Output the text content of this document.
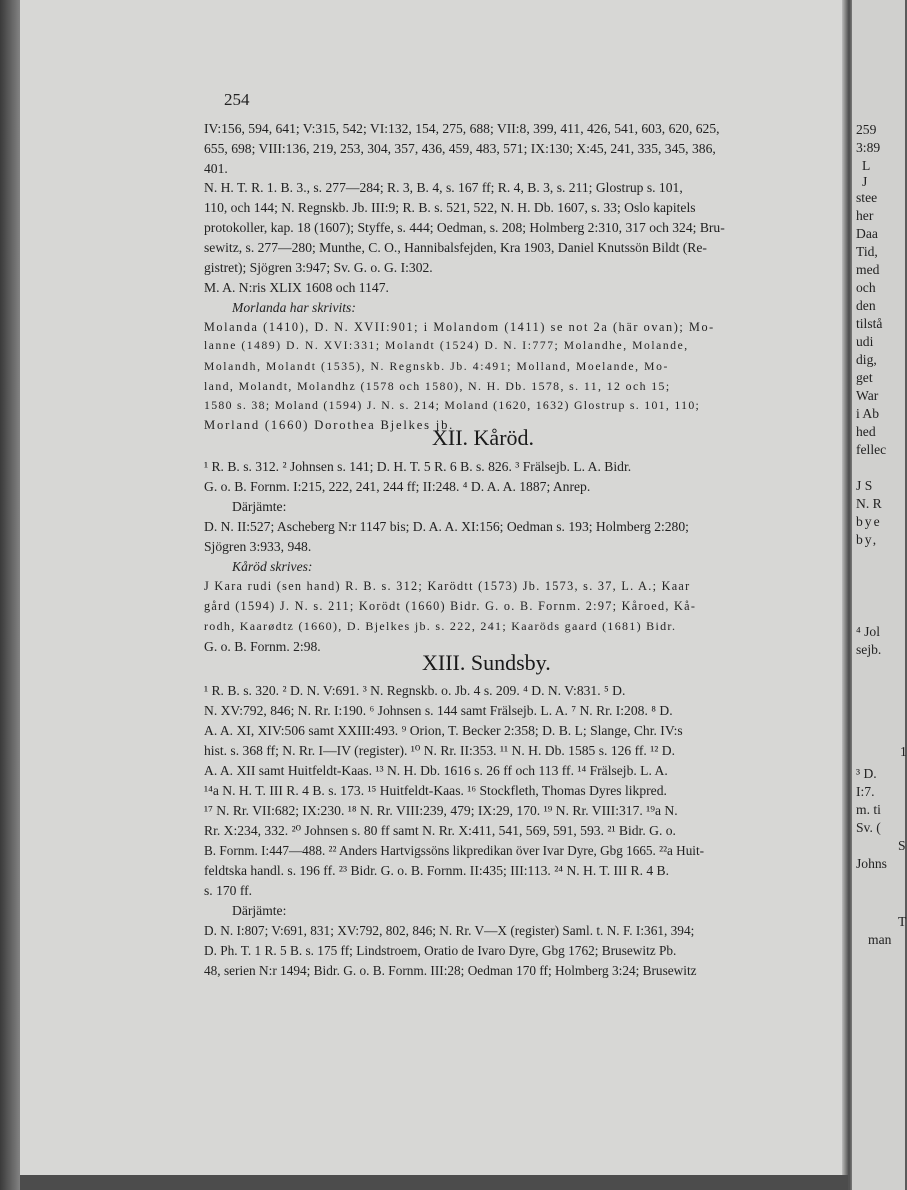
254
IV:156, 594, 641; V:315, 542; VI:132, 154, 275, 688; VII:8, 399, 411, 426, 541, 603, 620, 625,
655, 698; VIII:136, 219, 253, 304, 357, 436, 459, 483, 571; IX:130; X:45, 241, 335, 345, 386,
401.
N. H. T. R. 1. B. 3., s. 277—284; R. 3, B. 4, s. 167 ff; R. 4, B. 3, s. 211; Glostrup s. 101,
110, och 144; N. Regnskb. Jb. III:9; R. B. s. 521, 522, N. H. Db. 1607, s. 33; Oslo kapitels
protokoller, kap. 18 (1607); Styffe, s. 444; Oedman, s. 208; Holmberg 2:310, 317 och 324; Bru-
sewitz, s. 277—280; Munthe, C. O., Hannibalsfejden, Kra 1903, Daniel Knutssön Bildt (Re-
gistret); Sjögren 3:947; Sv. G. o. G. I:302.
M. A. N:ris XLIX 1608 och 1147.
Morlanda har skrivits:
Molanda (1410), D. N. XVII:901; i Molandom (1411) se not 2a (här ovan); Mo-
lanne (1489) D. N. XVI:331; Molandt (1524) D. N. I:777; Molandhe, Molande,
Molandh, Molandt (1535), N. Regnskb. Jb. 4:491; Molland, Moelande, Mo-
land, Molandt, Molandhz (1578 och 1580), N. H. Db. 1578, s. 11, 12 och 15;
1580 s. 38; Moland (1594) J. N. s. 214; Moland (1620, 1632) Glostrup s. 101, 110;
Morland (1660) Dorothea Bjelkes jb.
XII. Kåröd.
¹ R. B. s. 312. ² Johnsen s. 141; D. H. T. 5 R. 6 B. s. 826. ³ Frälsejb. L. A. Bidr.
G. o. B. Fornm. I:215, 222, 241, 244 ff; II:248. ⁴ D. A. A. 1887; Anrep.
Därjämte:
D. N. II:527; Ascheberg N:r 1147 bis; D. A. A. XI:156; Oedman s. 193; Holmberg 2:280;
Sjögren 3:933, 948.
Kåröd skrives:
J Kara rudi (sen hand) R. B. s. 312; Karödtt (1573) Jb. 1573, s. 37, L. A.; Kaar
gård (1594) J. N. s. 211; Korödt (1660) Bidr. G. o. B. Fornm. 2:97; Kåroed, Kå-
rodh, Kaarødtz (1660), D. Bjelkes jb. s. 222, 241; Kaaröds gaard (1681) Bidr.
G. o. B. Fornm. 2:98.
XIII. Sundsby.
¹ R. B. s. 320. ² D. N. V:691. ³ N. Regnskb. o. Jb. 4 s. 209. ⁴ D. N. V:831. ⁵ D.
N. XV:792, 846; N. Rr. I:190. ⁶ Johnsen s. 144 samt Frälsejb. L. A. ⁷ N. Rr. I:208. ⁸ D.
A. A. XI, XIV:506 samt XXIII:493. ⁹ Orion, T. Becker 2:358; D. B. L; Slange, Chr. IV:s
hist. s. 368 ff; N. Rr. I—IV (register). ¹⁰ N. Rr. II:353. ¹¹ N. H. Db. 1585 s. 126 ff. ¹² D.
A. A. XII samt Huitfeldt-Kaas. ¹³ N. H. Db. 1616 s. 26 ff och 113 ff. ¹⁴ Frälsejb. L. A.
¹⁴a N. H. T. III R. 4 B. s. 173. ¹⁵ Huitfeldt-Kaas. ¹⁶ Stockfleth, Thomas Dyres likpred.
¹⁷ N. Rr. VII:682; IX:230. ¹⁸ N. Rr. VIII:239, 479; IX:29, 170. ¹⁹ N. Rr. VIII:317. ¹⁹a N.
Rr. X:234, 332. ²⁰ Johnsen s. 80 ff samt N. Rr. X:411, 541, 569, 591, 593. ²¹ Bidr. G. o.
B. Fornm. I:447—488. ²² Anders Hartvigssöns likpredikan över Ivar Dyre, Gbg 1665. ²²a Huit-
feldtska handl. s. 196 ff. ²³ Bidr. G. o. B. Fornm. II:435; III:113. ²⁴ N. H. T. III R. 4 B.
s. 170 ff.
Därjämte:
D. N. I:807; V:691, 831; XV:792, 802, 846; N. Rr. V—X (register) Saml. t. N. F. I:361, 394;
D. Ph. T. 1 R. 5 B. s. 175 ff; Lindstroem, Oratio de Ivaro Dyre, Gbg 1762; Brusewitz Pb.
48, serien N:r 1494; Bidr. G. o. B. Fornm. III:28; Oedman 170 ff; Holmberg 3:24; Brusewitz
259
3:89
L
J
stee
her
Daa
Tid,
med
och
den
tilstå
udi
dig,
get
War
i Ab
hed
fellec
J S
N. R
bye
by,
⁴ Jol
sejb.
1
³ D.
I:7.
m. ti
Sv. (
S
Johns
T
man
